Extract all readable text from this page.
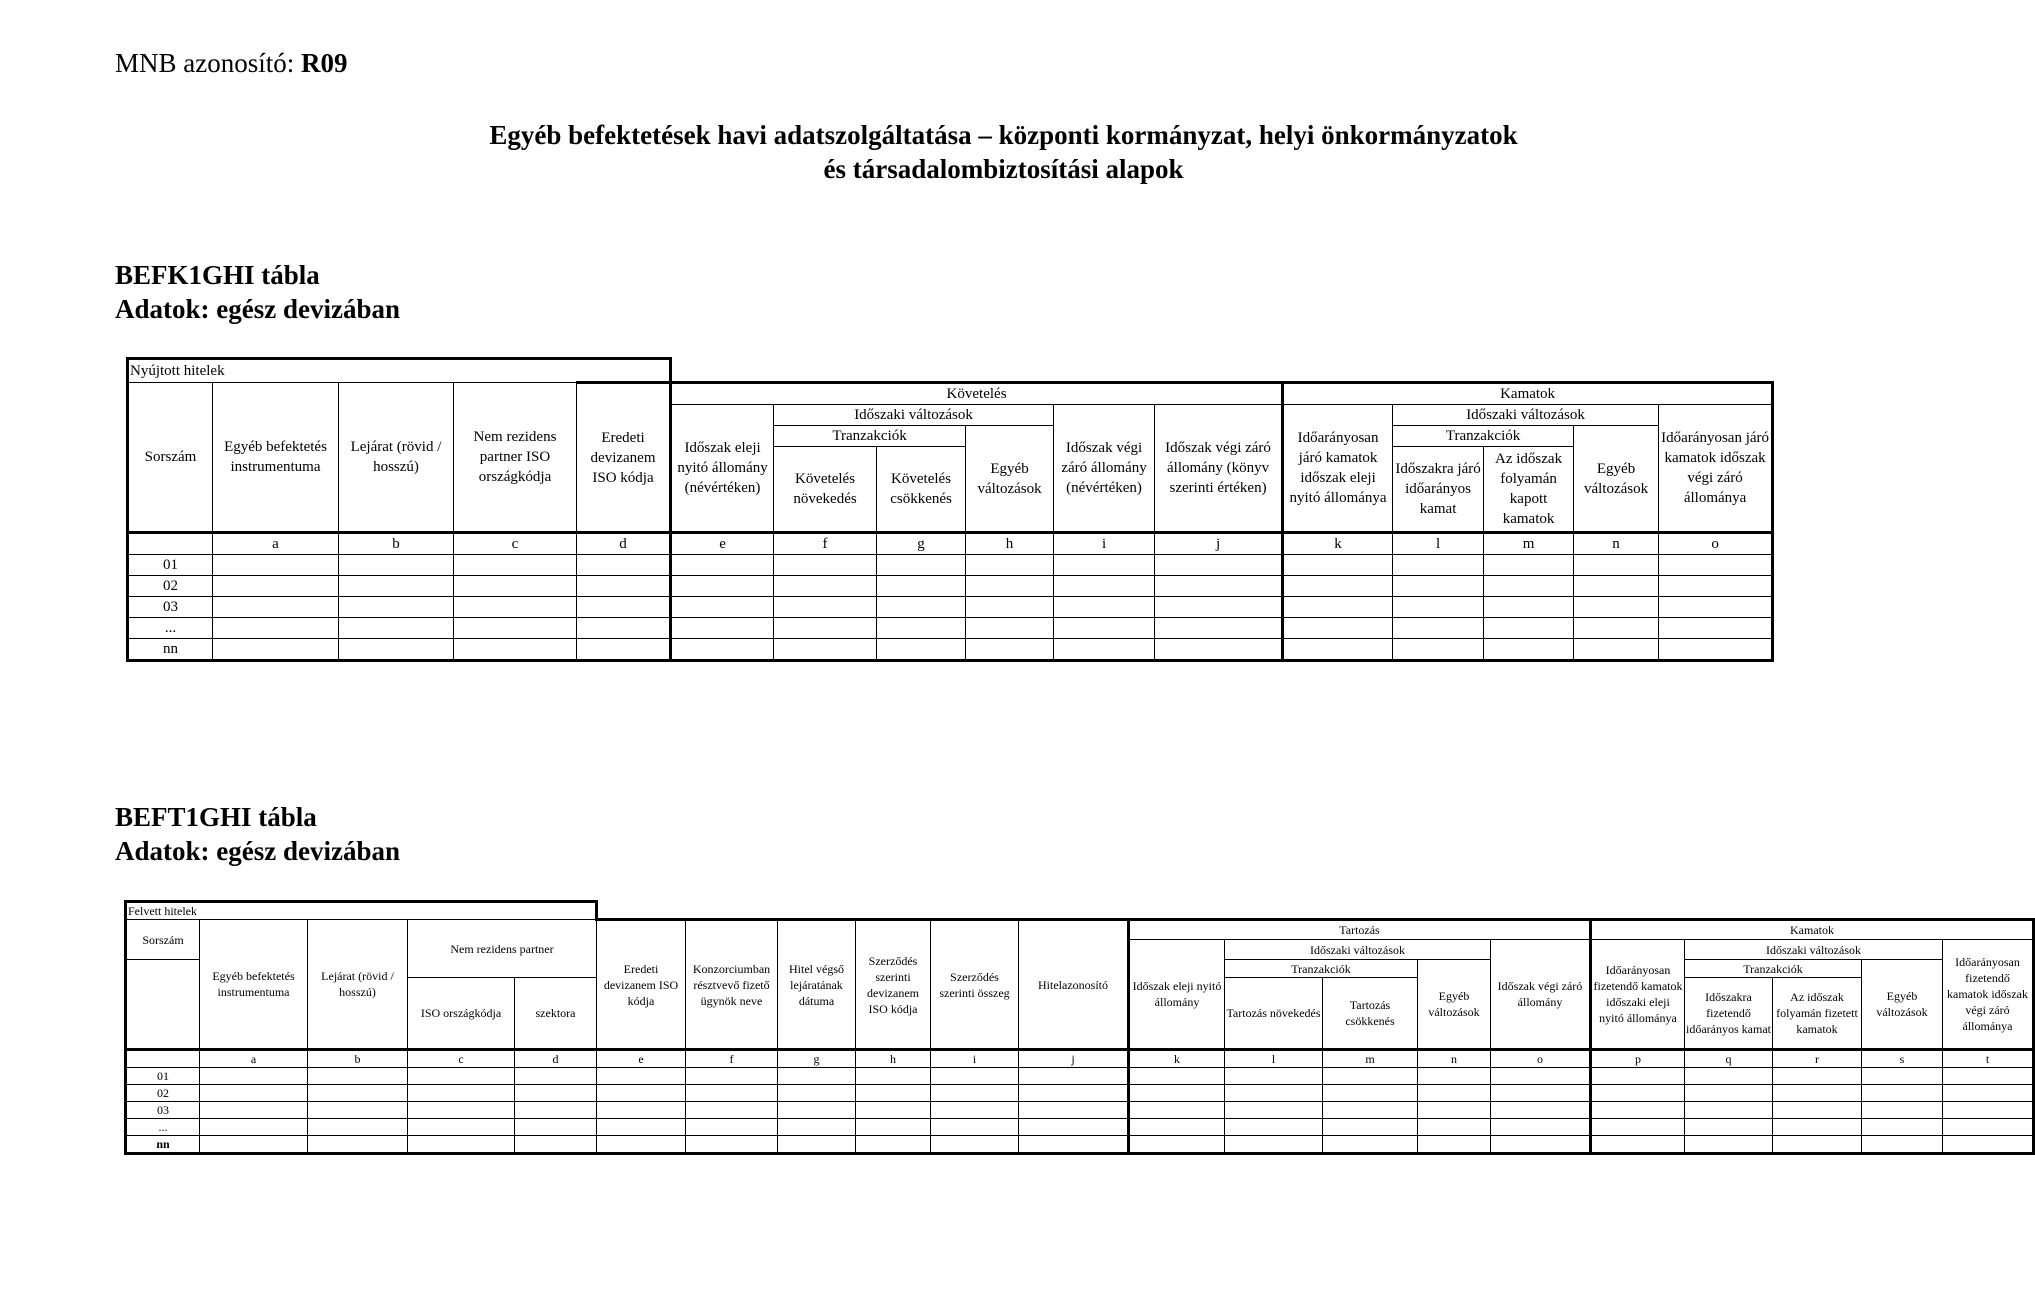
MNB azonosító: R09
Egyéb befektetések havi adatszolgáltatása – központi kormányzat, helyi önkormányzatok
és társadalombiztosítási alapok
BEFK1GHI tábla
Adatok: egész devizában
Nyújtott hitelek															
Sorszám	Egyéb befektetés instrumentuma	Lejárat (rövid / hosszú)	Nem rezidens partner ISO országkódja	Eredeti devizanem ISO kódja	Követelés						Kamatok				
					Időszak eleji nyitó állomány (névértéken)	Időszaki változások			Időszak végi záró állomány (névértéken)	Időszak végi záró állomány (könyv szerinti értéken)	Időarányosan járó kamatok időszak eleji nyitó állománya	Időszaki változások			Időarányosan járó kamatok időszak végi záró állománya
						Tranzakciók		Egyéb változások				Tranzakciók		Egyéb változások	
						Követelés növekedés	Követelés csökkenés					Időszakra járó időarányos kamat	Az időszak folyamán kapott kamatok		
	a	b	c	d	e	f	g	h	i	j	k	l	m	n	o
01															
02															
03															
...															
nn															
BEFT1GHI tábla
Adatok: egész devizában
Felvett hitelek																				
Sorszám	Egyéb befektetés instrumentuma	Lejárat (rövid / hosszú)	Nem rezidens partner		Eredeti devizanem ISO kódja	Konzorciumban résztvevő fizető ügynök neve	Hitel végső lejáratának dátuma	Szerződés szerinti devizanem ISO kódja	Szerződés szerinti összeg	Hitelazonosító	Tartozás					Kamatok				
											Időszak eleji nyitó állomány	Időszaki változások			Időszak végi záró állomány	Időarányosan fizetendő kamatok időszaki eleji nyitó állománya	Időszaki változások			Időarányosan fizetendő kamatok időszak végi záró állománya
												Tranzakciók		Egyéb változások			Tranzakciók		Egyéb változások	
			ISO országkódja	szektora								Tartozás növekedés	Tartozás csökkenés				Időszakra fizetendő időarányos kamat	Az időszak folyamán fizetett kamatok		
	a	b	c	d	e	f	g	h	i	j	k	l	m	n	o	p	q	r	s	t
01																				
02																				
03																				
...																				
nn																				
